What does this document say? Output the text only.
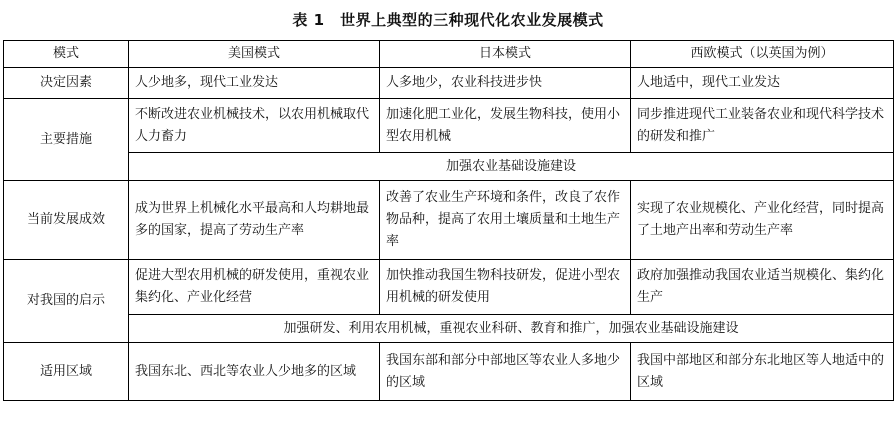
表 1　世界上典型的三种现代化农业发展模式
模式	美国模式	日本模式	西欧模式（以英国为例）
决定因素	人少地多，现代工业发达	人多地少，农业科技进步快	人地适中，现代工业发达
主要措施	不断改进农业机械技术，以农用机械取代人力畜力	加速化肥工业化，发展生物科技，使用小型农用机械	同步推进现代工业装备农业和现代科学技术的研发和推广
	加强农业基础设施建设		
当前发展成效	成为世界上机械化水平最高和人均耕地最多的国家，提高了劳动生产率	改善了农业生产环境和条件，改良了农作物品种，提高了农用土壤质量和土地生产率	实现了农业规模化、产业化经营，同时提高了土地产出率和劳动生产率
对我国的启示	促进大型农用机械的研发使用，重视农业集约化、产业化经营	加快推动我国生物科技研发，促进小型农用机械的研发使用	政府加强推动我国农业适当规模化、集约化生产
	加强研发、利用农用机械，重视农业科研、教育和推广，加强农业基础设施建设		
适用区域	我国东北、西北等农业人少地多的区域	我国东部和部分中部地区等农业人多地少的区域	我国中部地区和部分东北地区等人地适中的区域
